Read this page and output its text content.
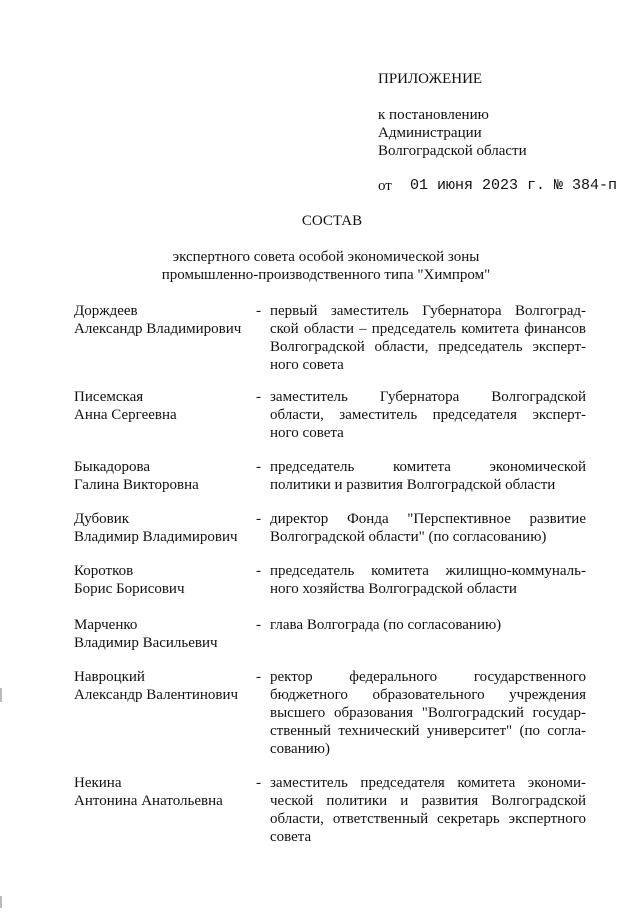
ПРИЛОЖЕНИЕ
к постановлению
Администрации
Волгоградской области
от 01 июня 2023 г. № 384-п
СОСТАВ
экспертного совета особой экономической зоны
промышленно-производственного типа "Химпром"
Дорждеев
Александр Владимирович
- первый заместитель Губернатора Волгоград-
ской области – председатель комитета финансов
Волгоградской области, председатель эксперт-
ного совета
Писемская
Анна Сергеевна
- заместитель Губернатора Волгоградской
области, заместитель председателя эксперт-
ного совета
Быкадорова
Галина Викторовна
- председатель комитета экономической
политики и развития Волгоградской области
Дубовик
Владимир Владимирович
- директор Фонда "Перспективное развитие
Волгоградской области" (по согласованию)
Коротков
Борис Борисович
- председатель комитета жилищно-коммуналь-
ного хозяйства Волгоградской области
Марченко
Владимир Васильевич
- глава Волгограда (по согласованию)
Навроцкий
Александр Валентинович
- ректор федерального государственного
бюджетного образовательного учреждения
высшего образования "Волгоградский государ-
ственный технический университет" (по согла-
сованию)
Некина
Антонина Анатольевна
- заместитель председателя комитета экономи-
ческой политики и развития Волгоградской
области, ответственный секретарь экспертного
совета
